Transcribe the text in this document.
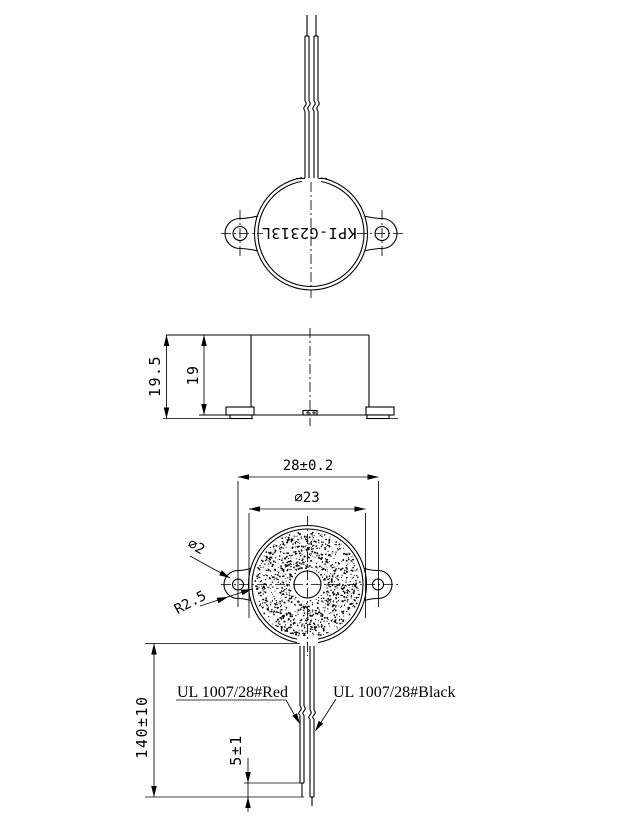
KPI-G2313L
19.5 19
28±0.2
∅23
∅2
R2.5
UL 1007/28#Red	UL 1007/28#Black
140±10	5±1
